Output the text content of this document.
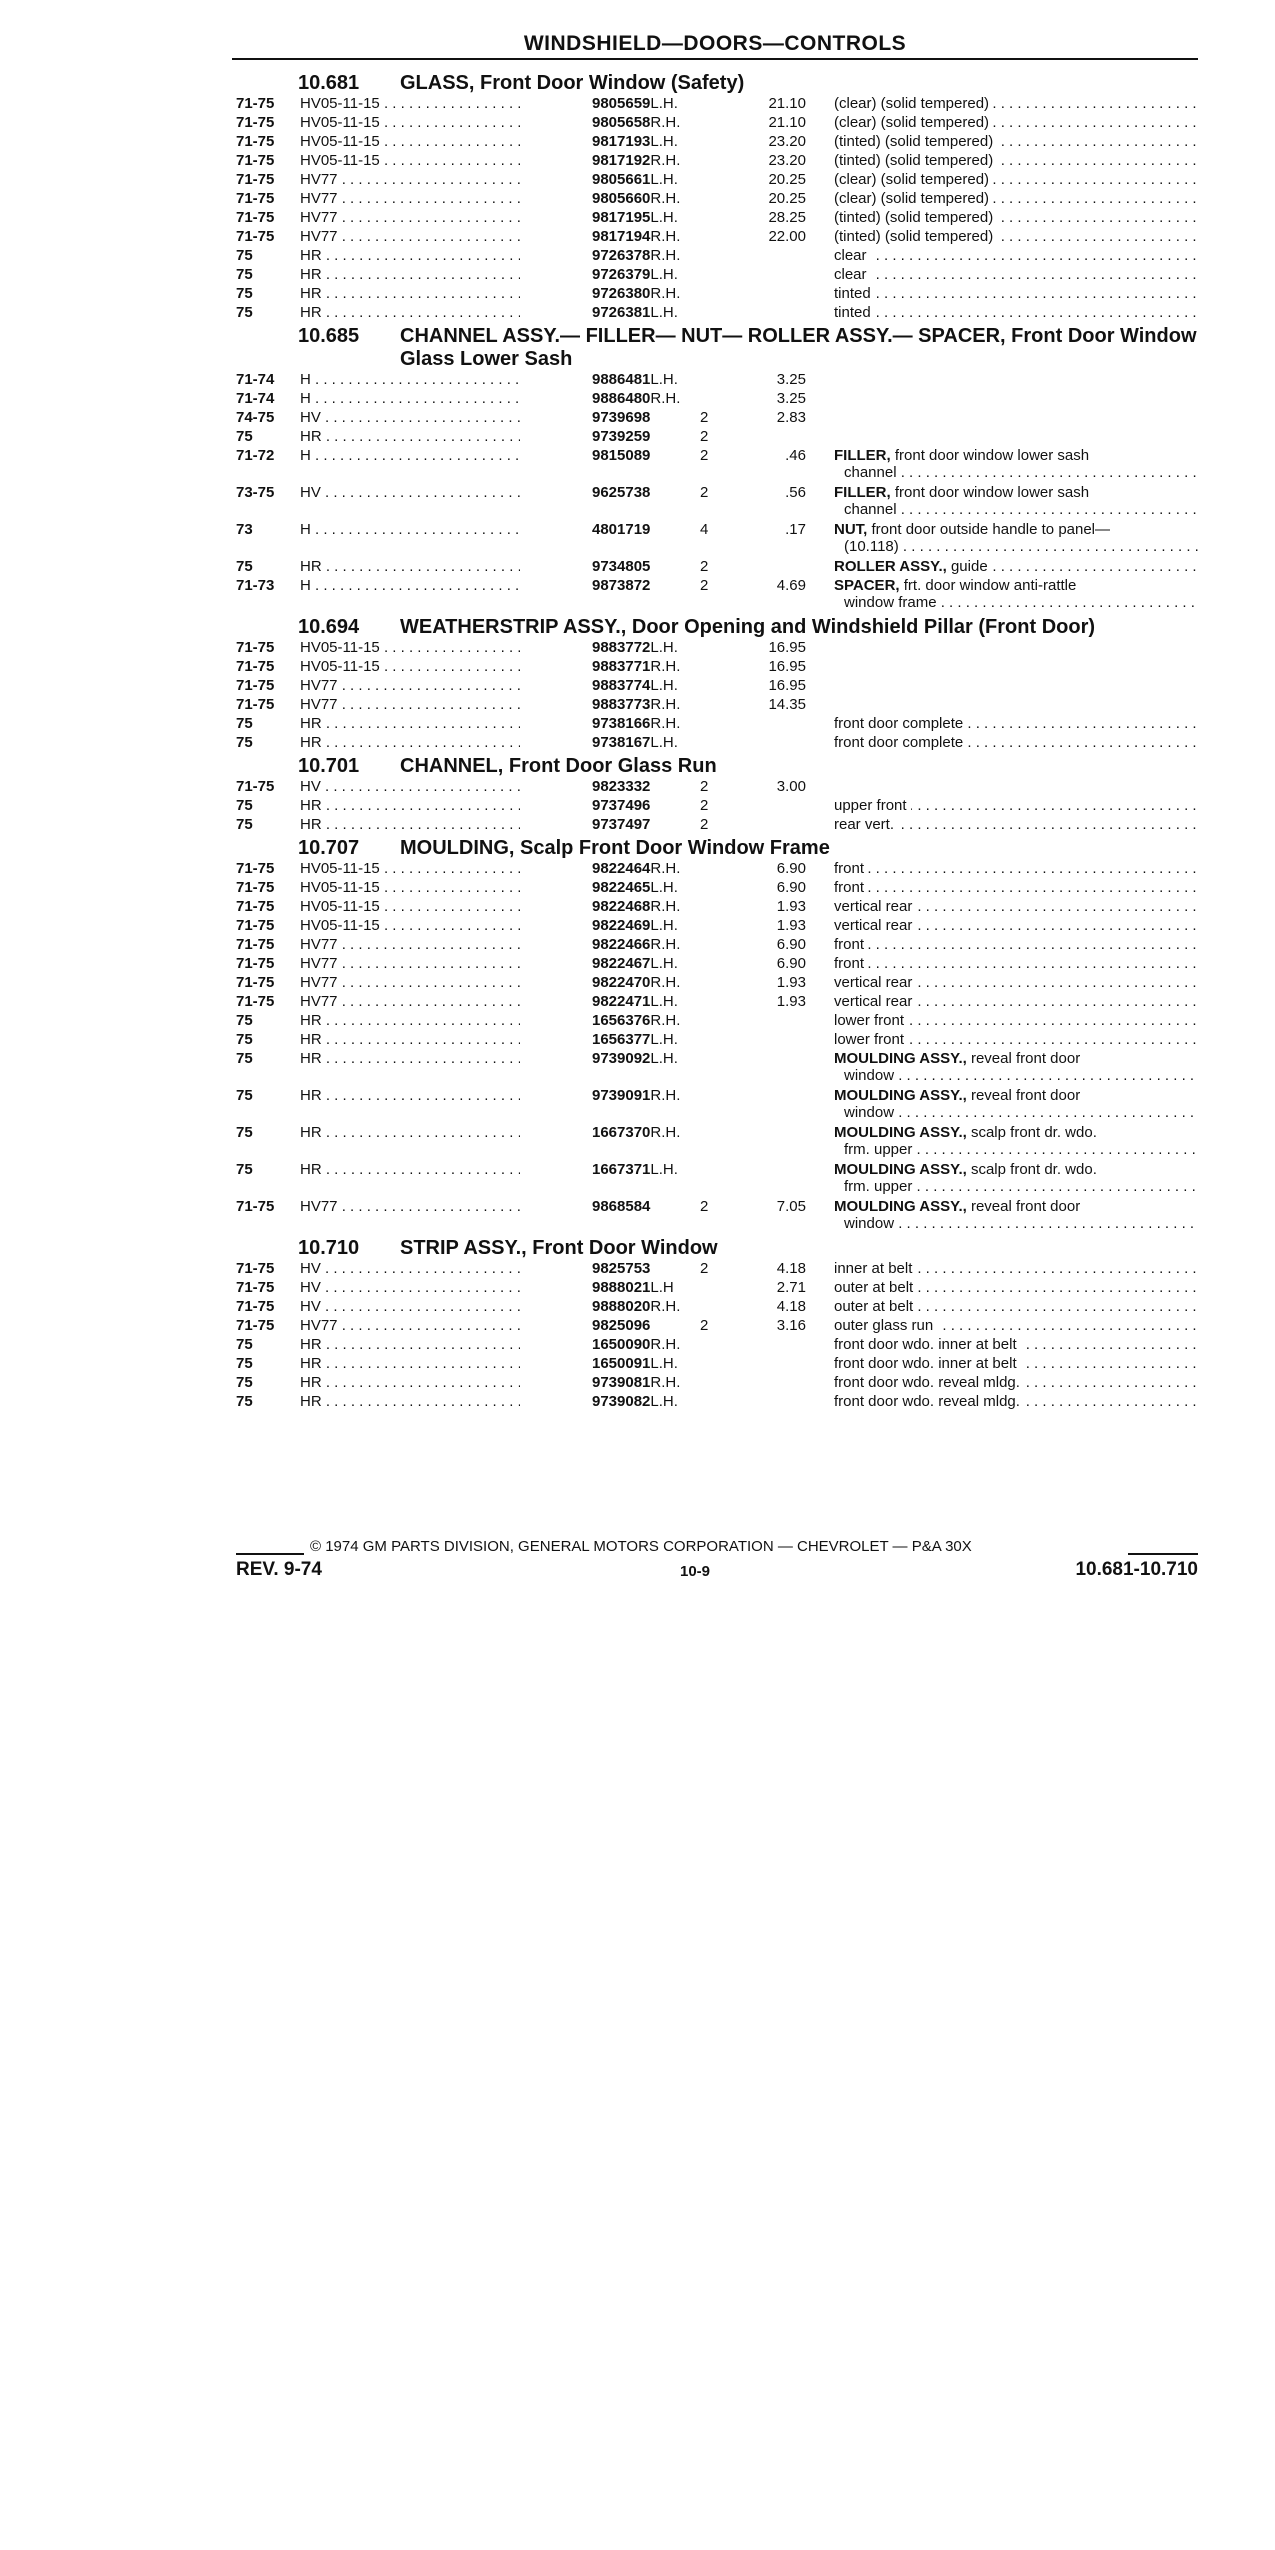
WINDSHIELD—DOORS—CONTROLS
10.681 GLASS, Front Door Window (Safety)
71-75	HV05-11-15 . . .	9805659L.H.	21.10 (clear) (solid tempered) . . .
71-75	HV05-11-15 . . .	9805658R.H.	21.10 (clear) (solid tempered) . . .
71-75	HV05-11-15 . . .	9817193L.H.	23.20 (tinted) (solid tempered) . . .
71-75	HV05-11-15 . . .	9817192R.H.	23.20 (tinted) (solid tempered) . . .
71-75	HV77 . . .	9805661L.H.	20.25 (clear) (solid tempered) . . .
71-75	HV77 . . .	9805660R.H.	20.25 (clear) (solid tempered) . . .
71-75	HV77 . . .	9817195L.H.	28.25 (tinted) (solid tempered) . . .
71-75	HV77 . . .	9817194R.H.	22.00 (tinted) (solid tempered) . . .
75	HR . . .	9726378R.H.	clear . . .
75	HR . . .	9726379L.H.	clear . . .
75	HR . . .	9726380R.H.	tinted . . .
75	HR . . .	9726381L.H.	tinted . . .
10.685 CHANNEL ASSY.— FILLER— NUT— ROLLER ASSY.— SPACER, Front Door Window Glass Lower Sash
71-74	H . . .	9886481L.H.	3.25
71-74	H . . .	9886480R.H.	3.25
74-75	HV . . .	9739698	2	2.83
75	HR . . .	9739259	2
71-72	H . . .	9815089	2	.46 FILLER, front door window lower sash
channel . . .
73-75	HV . . .	9625738	2	.56 FILLER, front door window lower sash
channel . . .
73	H . . .	4801719	4	.17 NUT, front door outside handle to panel—
(10.118) . . .
75	HR . . .	9734805	2	ROLLER ASSY., guide . . .
71-73	H . . .	9873872	2	4.69 SPACER, frt. door window anti-rattle
window frame . . .
10.694 WEATHERSTRIP ASSY., Door Opening and Windshield Pillar (Front Door)
71-75	HV05-11-15 . . .	9883772L.H.	16.95
71-75	HV05-11-15 . . .	9883771R.H.	16.95
71-75	HV77 . . .	9883774L.H.	16.95
71-75	HV77 . . .	9883773R.H.	14.35
75	HR . . .	9738166R.H.	front door complete . . .
75	HR . . .	9738167L.H.	front door complete . . .
10.701 CHANNEL, Front Door Glass Run
71-75	HV . . .	9823332	2	3.00
75	HR . . .	9737496	2	upper front . . .
75	HR . . .	9737497	2	rear vert. . . .
10.707 MOULDING, Scalp Front Door Window Frame
71-75	HV05-11-15 . . .	9822464R.H.	6.90 front . . .
71-75	HV05-11-15 . . .	9822465L.H.	6.90 front . . .
71-75	HV05-11-15 . . .	9822468R.H.	1.93 vertical rear . . .
71-75	HV05-11-15 . . .	9822469L.H.	1.93 vertical rear . . .
71-75	HV77 . . .	9822466R.H.	6.90 front . . .
71-75	HV77 . . .	9822467L.H.	6.90 front . . .
71-75	HV77 . . .	9822470R.H.	1.93 vertical rear . . .
71-75	HV77 . . .	9822471L.H.	1.93 vertical rear . . .
75	HR . . .	1656376R.H.	lower front . . .
75	HR . . .	1656377L.H.	lower front . . .
75	HR . . .	9739092L.H.	MOULDING ASSY., reveal front door
window . . .
75	HR . . .	9739091R.H.	MOULDING ASSY., reveal front door
window . . .
75	HR . . .	1667370R.H.	MOULDING ASSY., scalp front dr. wdo.
frm. upper . . .
75	HR . . .	1667371L.H.	MOULDING ASSY., scalp front dr. wdo.
frm. upper . . .
71-75	HV77 . . .	9868584	2	7.05 MOULDING ASSY., reveal front door
window . . .
10.710 STRIP ASSY., Front Door Window
71-75	HV . . .	9825753	2	4.18 inner at belt . . .
71-75	HV . . .	9888021L.H	2.71 outer at belt . . .
71-75	HV . . .	9888020R.H.	4.18 outer at belt . . .
71-75	HV77 . . .	9825096	2	3.16 outer glass run . . .
75	HR . . .	1650090R.H.	front door wdo. inner at belt . . .
75	HR . . .	1650091L.H.	front door wdo. inner at belt . . .
75	HR . . .	9739081R.H.	front door wdo. reveal mldg. . . .
75	HR . . .	9739082L.H.	front door wdo. reveal mldg. . . .
© 1974 GM PARTS DIVISION, GENERAL MOTORS CORPORATION — CHEVROLET — P&A 30X
REV. 9-74	10-9	10.681-10.710
